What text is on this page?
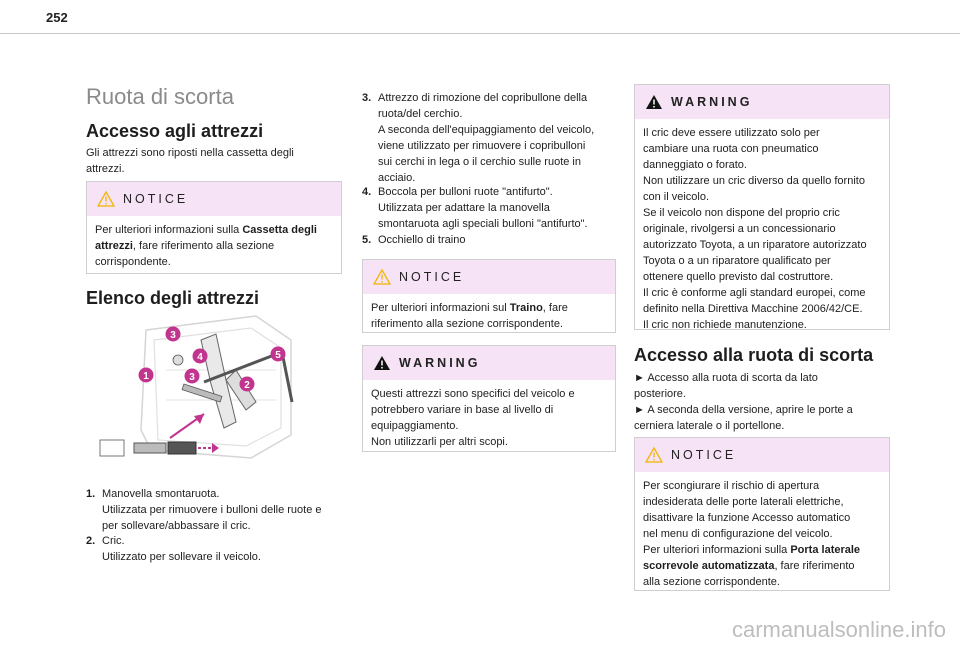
252
Ruota di scorta
Accesso agli attrezzi
Gli attrezzi sono riposti nella cassetta degli
attrezzi.
NOTICE
Per ulteriori informazioni sulla Cassetta degli
attrezzi, fare riferimento alla sezione
corrispondente.
Elenco degli attrezzi
3
4	5
1	3
2
1. Manovella smontaruota.
Utilizzata per rimuovere i bulloni delle ruote e
per sollevare/abbassare il cric.
2. Cric.
Utilizzato per sollevare il veicolo.
3. Attrezzo di rimozione del copribullone della
ruota/del cerchio.
A seconda dell'equipaggiamento del veicolo,
viene utilizzato per rimuovere i copribulloni
sui cerchi in lega o il cerchio sulle ruote in
acciaio.
4. Boccola per bulloni ruote "antifurto".
Utilizzata per adattare la manovella
smontaruota agli speciali bulloni "antifurto".
5. Occhiello di traino
NOTICE
Per ulteriori informazioni sul Traino, fare
riferimento alla sezione corrispondente.
WARNING
Questi attrezzi sono specifici del veicolo e
potrebbero variare in base al livello di
equipaggiamento.
Non utilizzarli per altri scopi.
WARNING
Il cric deve essere utilizzato solo per
cambiare una ruota con pneumatico
danneggiato o forato.
Non utilizzare un cric diverso da quello fornito
con il veicolo.
Se il veicolo non dispone del proprio cric
originale, rivolgersi a un concessionario
autorizzato Toyota, a un riparatore autorizzato
Toyota o a un riparatore qualificato per
ottenere quello previsto dal costruttore.
Il cric è conforme agli standard europei, come
definito nella Direttiva Macchine 2006/42/CE.
Il cric non richiede manutenzione.
Accesso alla ruota di scorta
► Accesso alla ruota di scorta da lato
posteriore.
► A seconda della versione, aprire le porte a
cerniera laterale o il portellone.
NOTICE
Per scongiurare il rischio di apertura
indesiderata delle porte laterali elettriche,
disattivare la funzione Accesso automatico
nel menu di configurazione del veicolo.
Per ulteriori informazioni sulla Porta laterale
scorrevole automatizzata, fare riferimento
alla sezione corrispondente.
carmanualsonline.info
